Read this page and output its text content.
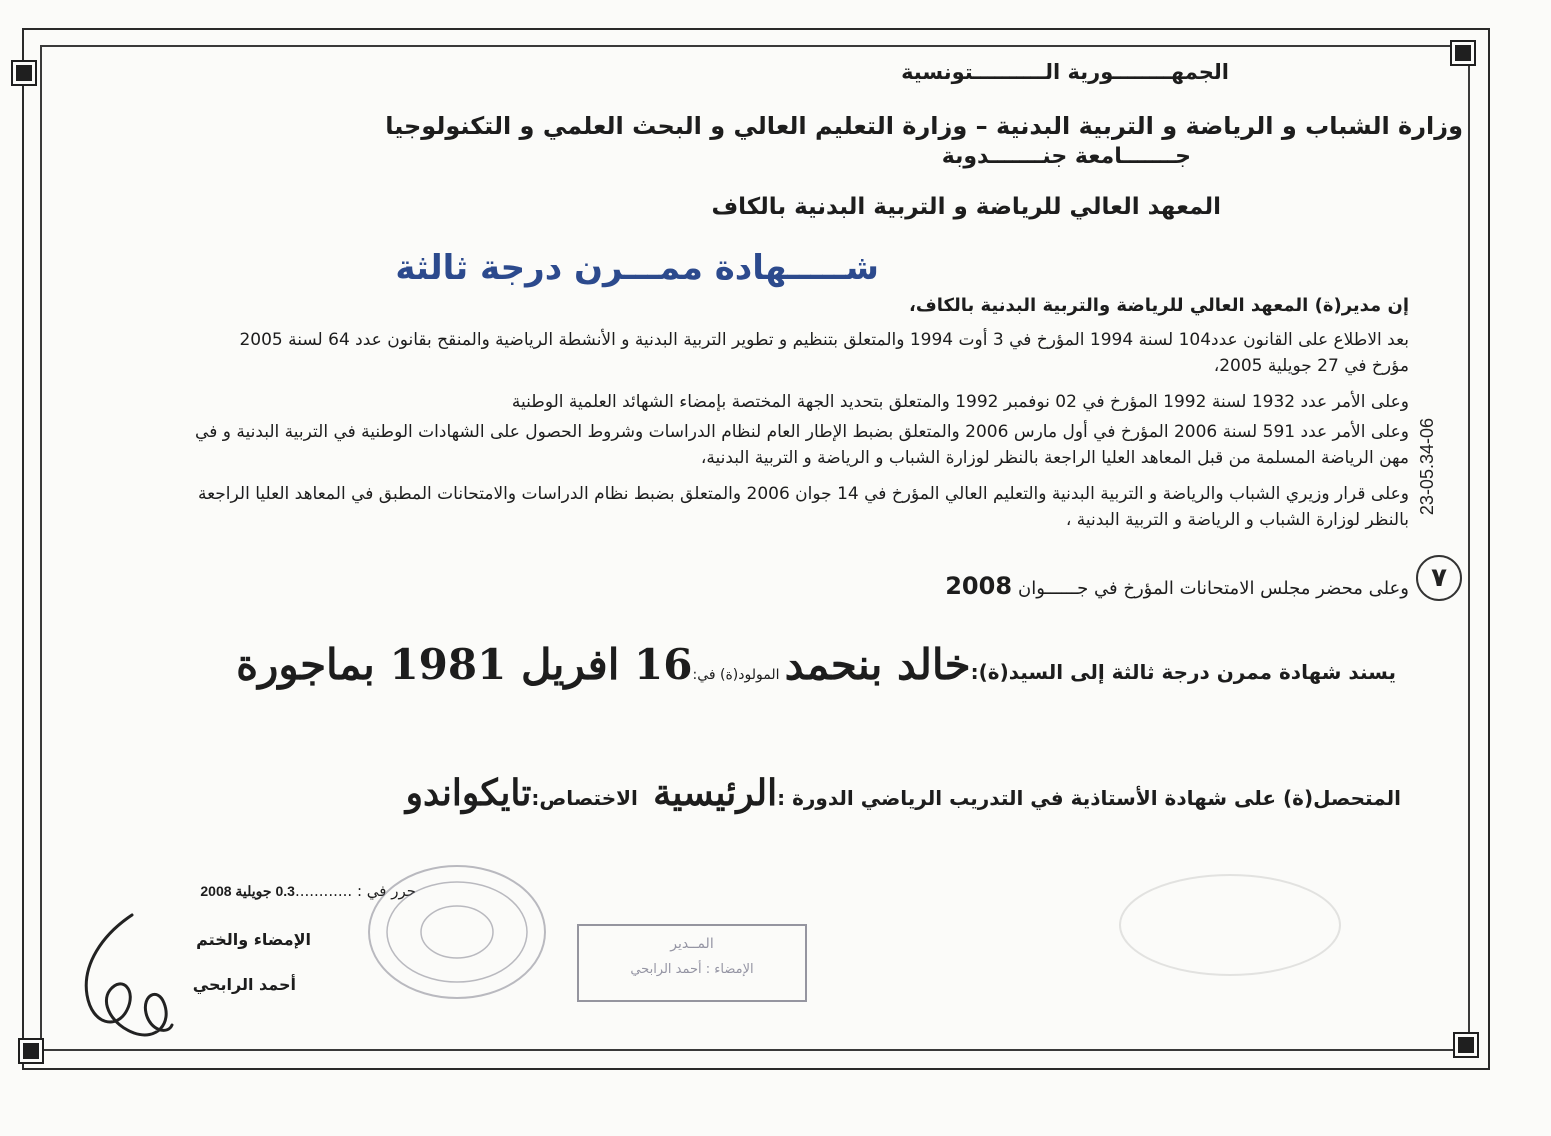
الجمهــــــــورية الــــــــــتونسية
وزارة الشباب و الرياضة و التربية البدنية – وزارة التعليم العالي و البحث العلمي و التكنولوجيا
جـــــــامعة جنـــــــدوبة
المعهد العالي للرياضة و التربية البدنية بالكاف
شـــــهادة ممـــرن درجة ثالثة
إن مدير(ة) المعهد العالي للرياضة والتربية البدنية بالكاف،
بعد الاطلاع على القانون عدد104 لسنة 1994 المؤرخ في 3 أوت 1994 والمتعلق بتنظيم و تطوير التربية البدنية و الأنشطة الرياضية والمنقح بقانون عدد 64 لسنة 2005
مؤرخ في 27 جويلية 2005،
وعلى الأمر عدد 1932 لسنة 1992 المؤرخ في 02 نوفمبر 1992 والمتعلق بتحديد الجهة المختصة بإمضاء الشهائد العلمية الوطنية
وعلى الأمر عدد 591 لسنة 2006 المؤرخ في أول مارس 2006 والمتعلق بضبط الإطار العام لنظام الدراسات وشروط الحصول على الشهادات الوطنية في التربية البدنية و في
مهن الرياضة المسلمة من قبل المعاهد العليا الراجعة بالنظر لوزارة الشباب و الرياضة و التربية البدنية،
وعلى قرار وزيري الشباب والرياضة و التربية البدنية والتعليم العالي المؤرخ في 14 جوان 2006 والمتعلق بضبط نظام الدراسات والامتحانات المطبق في المعاهد العليا الراجعة
بالنظر لوزارة الشباب و الرياضة و التربية البدنية ،
23-05.34-06
٧
وعلى محضر مجلس الامتحانات المؤرخ في جــــــوان2008
يسند شهادة ممرن درجة ثالثة إلى السيد(ة):خالد بنحمد المولود(ة) في:16 افريل 1981 بماجورة
المتحصل(ة) على شهادة الأستاذية في التدريب الرياضي الدورة :الرئيسية   الاختصاص:تايكواندو
حرر في : ............0.3 جويلية 2008
الإمضاء والختم
أحمد الرابحي
المــدير
الإمضاء : أحمد الرابحي
